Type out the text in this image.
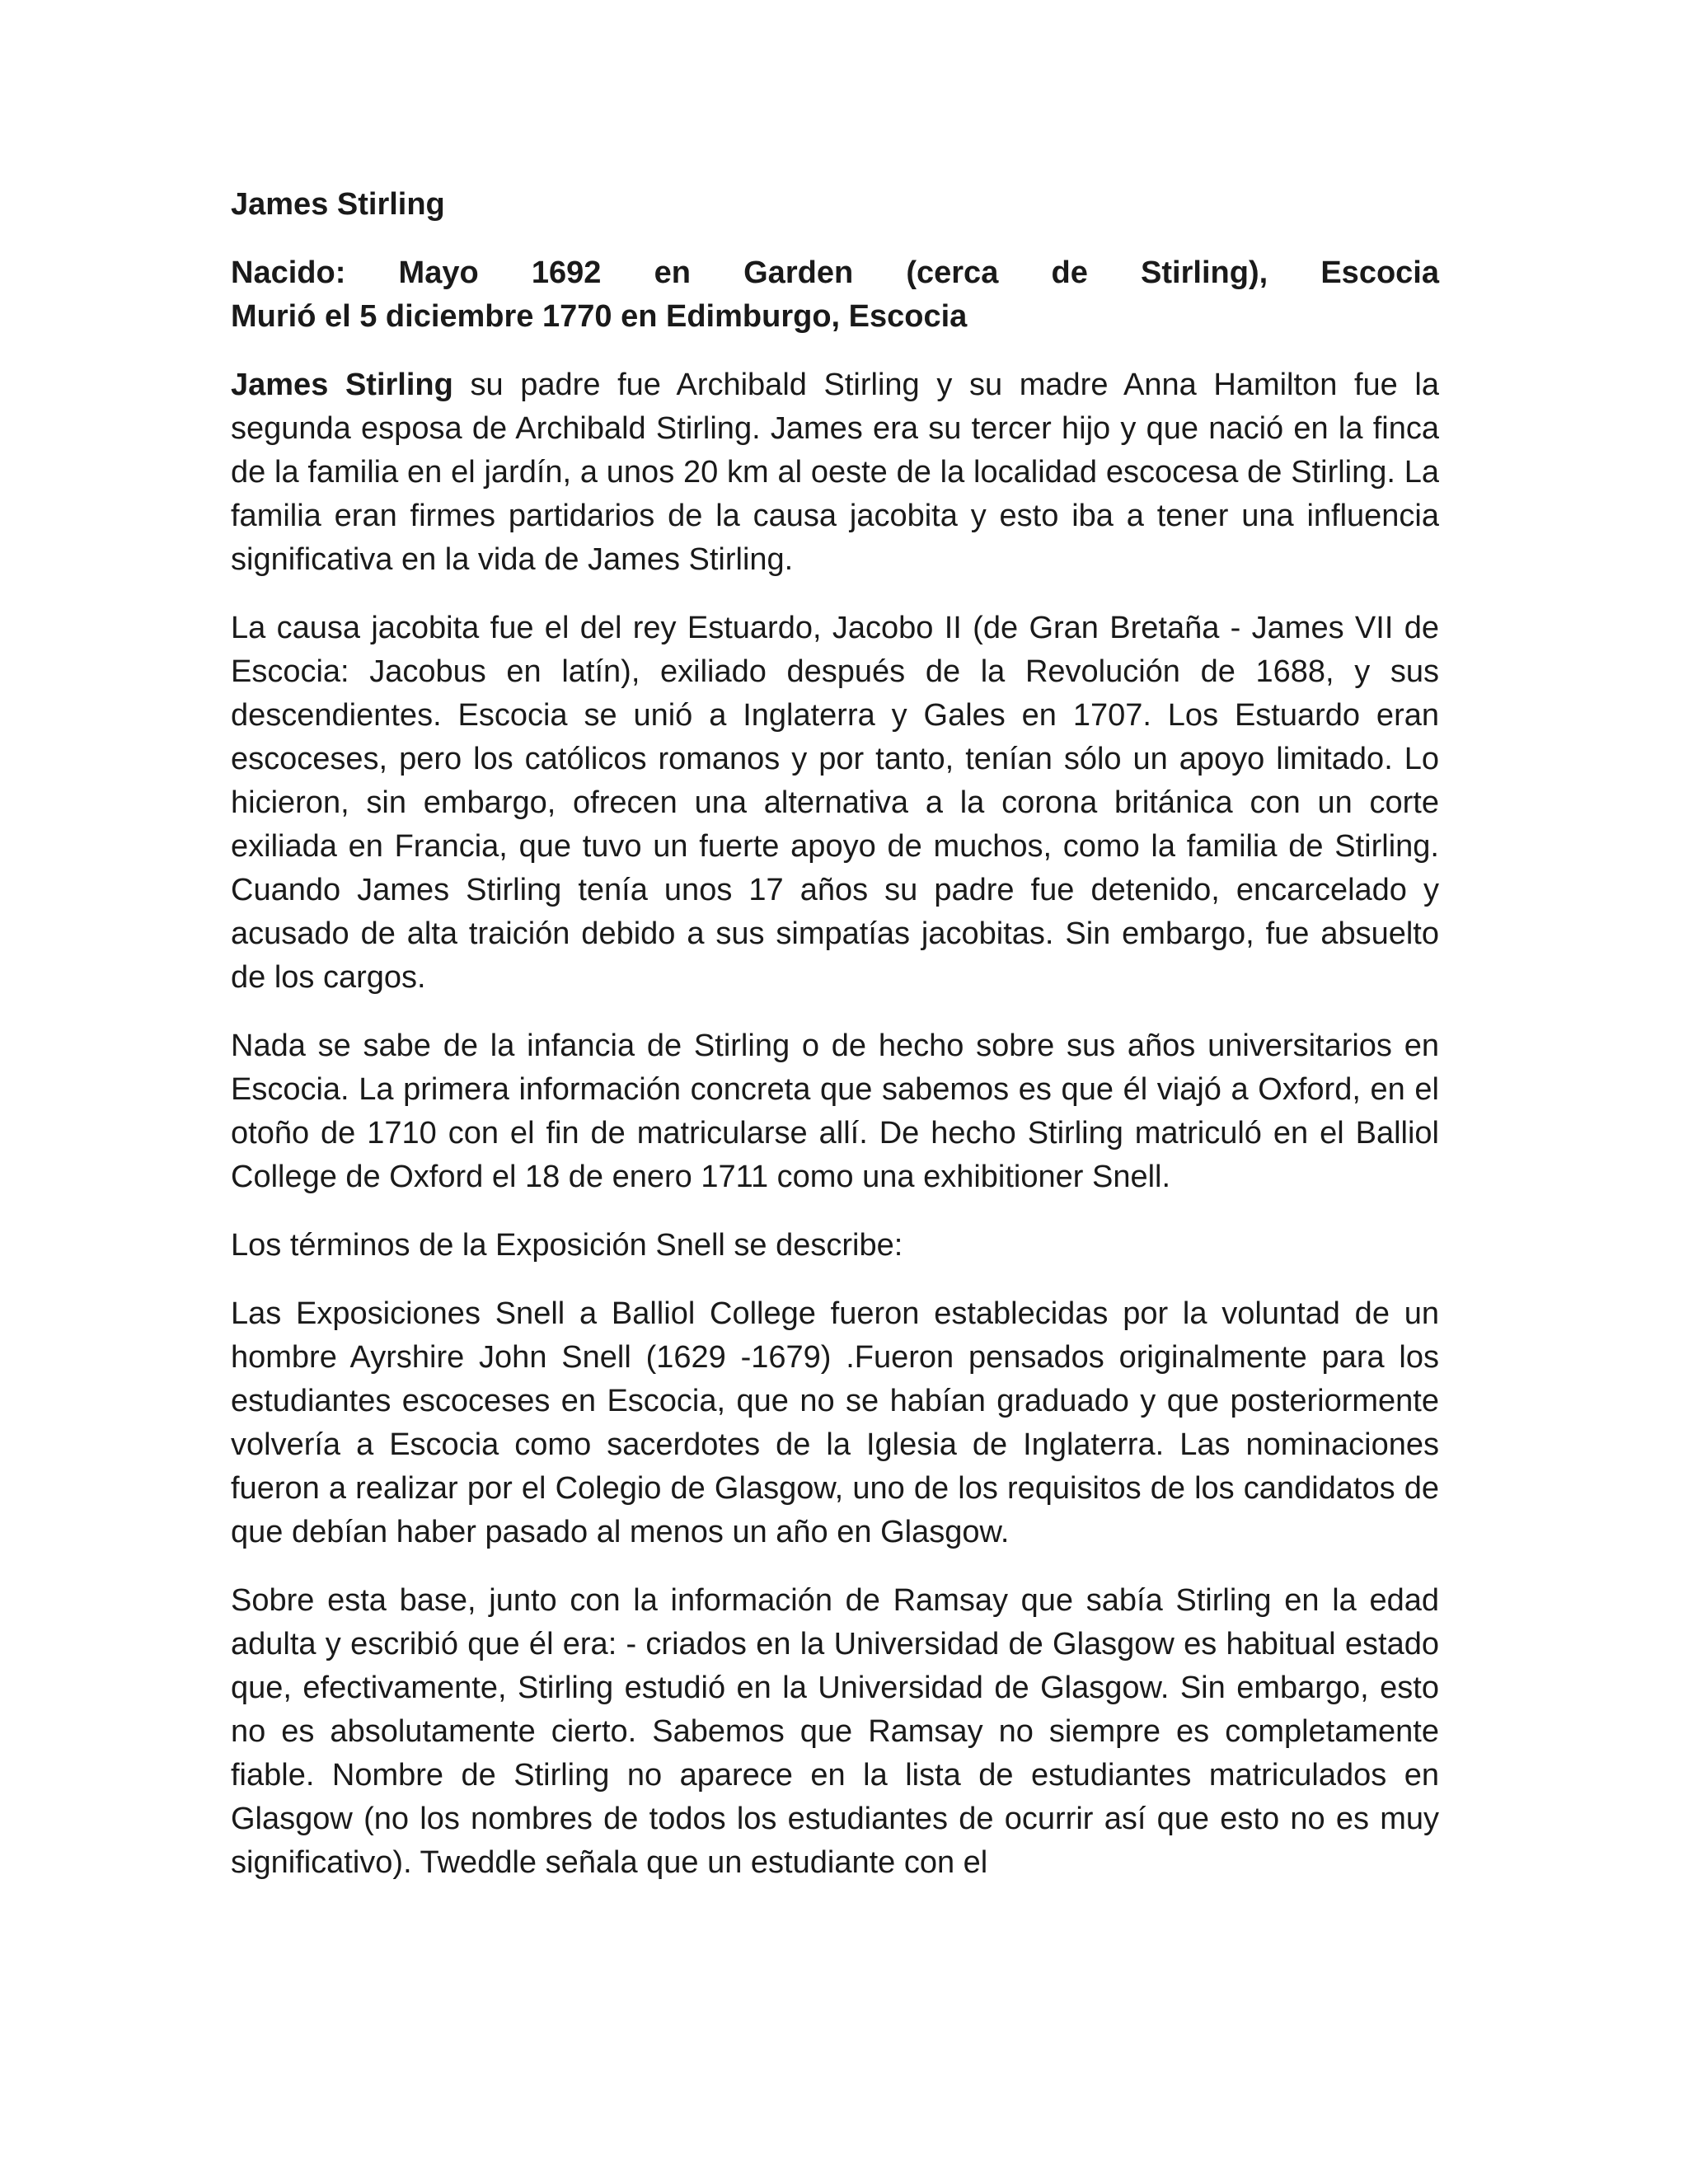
James Stirling
Nacido: Mayo 1692 en Garden (cerca de Stirling), Escocia
Murió el 5 diciembre 1770 en Edimburgo, Escocia

James Stirling su padre fue Archibald Stirling y su madre Anna Hamilton fue la segunda esposa de Archibald Stirling. James era su tercer hijo y que nació en la finca de la familia en el jardín, a unos 20 km al oeste de la localidad escocesa de Stirling. La familia eran firmes partidarios de la causa jacobita y esto iba a tener una influencia significativa en la vida de James Stirling.

La causa jacobita fue el del rey Estuardo, Jacobo II (de Gran Bretaña - James VII de Escocia: Jacobus en latín), exiliado después de la Revolución de 1688, y sus descendientes. Escocia se unió a Inglaterra y Gales en 1707. Los Estuardo eran escoceses, pero los católicos romanos y por tanto, tenían sólo un apoyo limitado. Lo hicieron, sin embargo, ofrecen una alternativa a la corona británica con un corte exiliada en Francia, que tuvo un fuerte apoyo de muchos, como la familia de Stirling. Cuando James Stirling tenía unos 17 años su padre fue detenido, encarcelado y acusado de alta traición debido a sus simpatías jacobitas. Sin embargo, fue absuelto de los cargos.

Nada se sabe de la infancia de Stirling o de hecho sobre sus años universitarios en Escocia. La primera información concreta que sabemos es que él viajó a Oxford, en el otoño de 1710 con el fin de matricularse allí. De hecho Stirling matriculó en el Balliol College de Oxford el 18 de enero 1711 como una exhibitioner Snell.

Los términos de la Exposición Snell se describe:

Las Exposiciones Snell a Balliol College fueron establecidas por la voluntad de un hombre Ayrshire John Snell (1629 -1679) .Fueron pensados originalmente para los estudiantes escoceses en Escocia, que no se habían graduado y que posteriormente volvería a Escocia como sacerdotes de la Iglesia de Inglaterra. Las nominaciones fueron a realizar por el Colegio de Glasgow, uno de los requisitos de los candidatos de que debían haber pasado al menos un año en Glasgow.

Sobre esta base, junto con la información de Ramsay que sabía Stirling en la edad adulta y escribió que él era: - criados en la Universidad de Glasgow es habitual estado que, efectivamente, Stirling estudió en la Universidad de Glasgow. Sin embargo, esto no es absolutamente cierto. Sabemos que Ramsay no siempre es completamente fiable. Nombre de Stirling no aparece en la lista de estudiantes matriculados en Glasgow (no los nombres de todos los estudiantes de ocurrir así que esto no es muy significativo). Tweddle señala que un estudiante con el
